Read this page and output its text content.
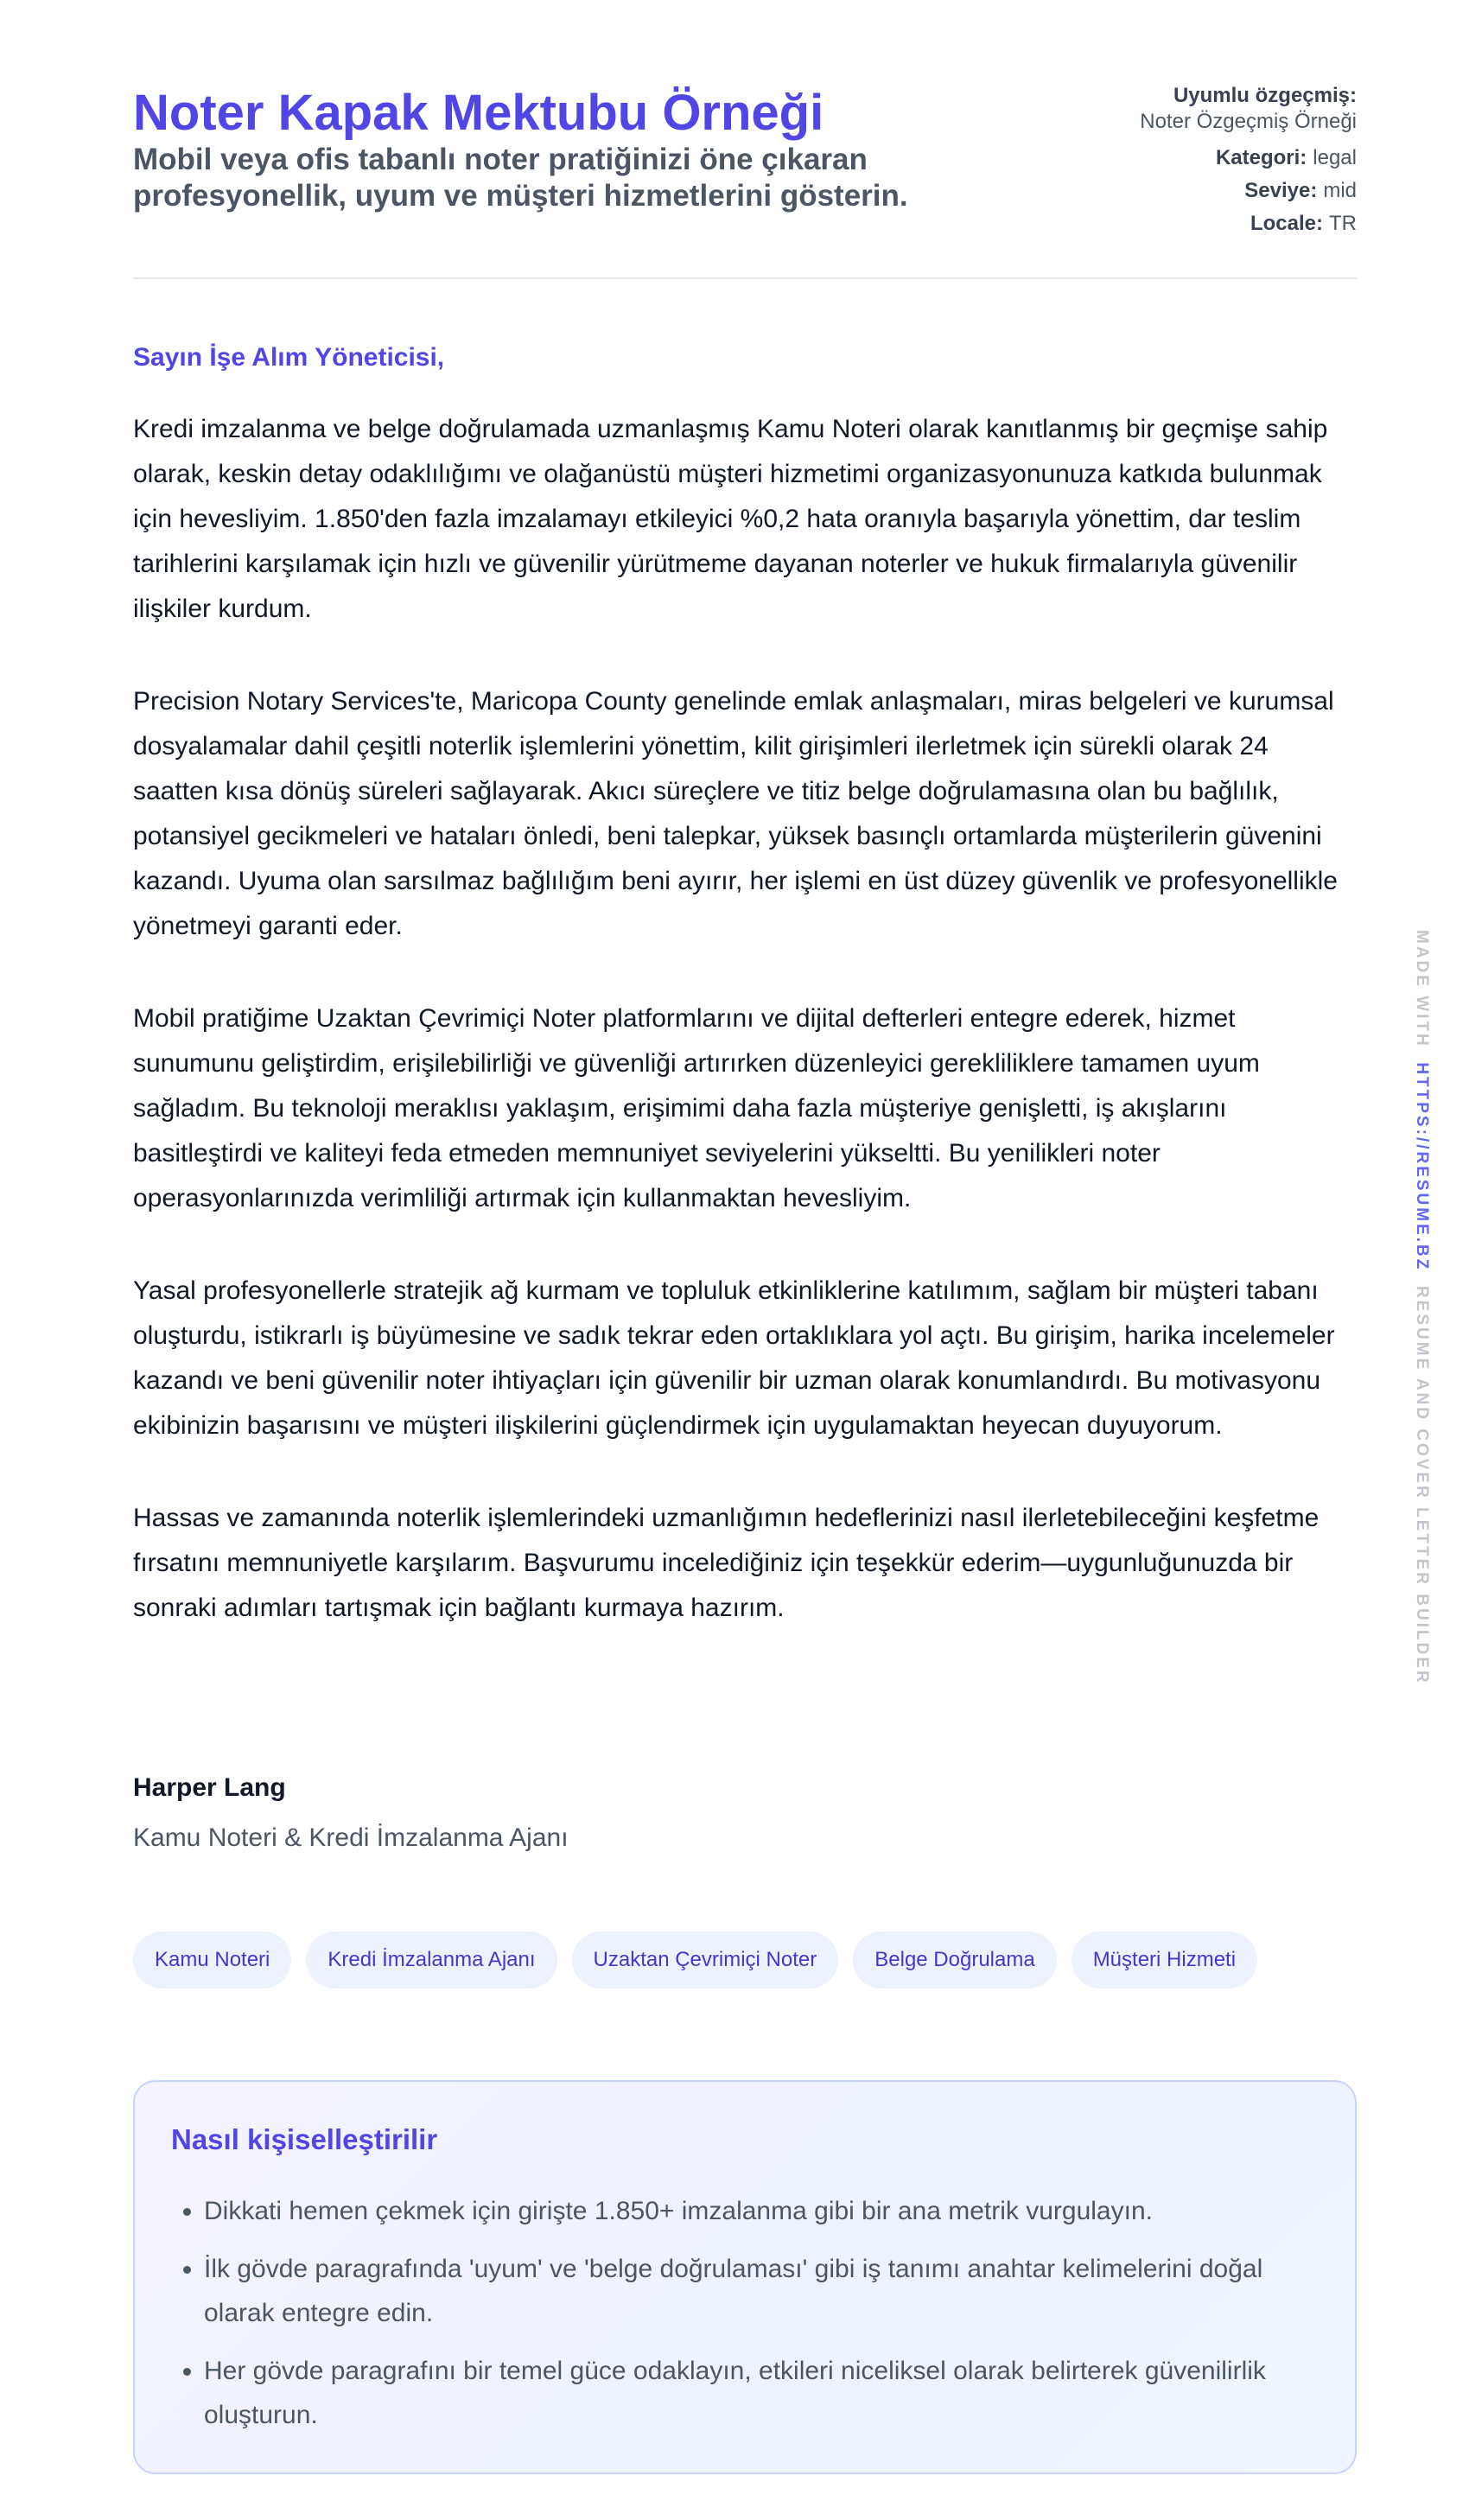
Noter Kapak Mektubu Örneği

Mobil veya ofis tabanlı noter pratiğinizi öne çıkaran profesyonellik, uyum ve müşteri hizmetlerini gösterin.

Uyumlu özgeçmiş:
Noter Özgeçmiş Örneği
Kategori: legal
Seviye: mid
Locale: TR
Sayın İşe Alım Yöneticisi,

Kredi imzalanma ve belge doğrulamada uzmanlaşmış Kamu Noteri olarak kanıtlanmış bir geçmişe sahip olarak, keskin detay odaklılığımı ve olağanüstü müşteri hizmetimi organizasyonunuza katkıda bulunmak için hevesliyim. 1.850'den fazla imzalamayı etkileyici %0,2 hata oranıyla başarıyla yönettim, dar teslim tarihlerini karşılamak için hızlı ve güvenilir yürütmeme dayanan noterler ve hukuk firmalarıyla güvenilir ilişkiler kurdum.

Precision Notary Services'te, Maricopa County genelinde emlak anlaşmaları, miras belgeleri ve kurumsal dosyalamalar dahil çeşitli noterlik işlemlerini yönettim, kilit girişimleri ilerletmek için sürekli olarak 24 saatten kısa dönüş süreleri sağlayarak. Akıcı süreçlere ve titiz belge doğrulamasına olan bu bağlılık, potansiyel gecikmeleri ve hataları önledi, beni talepkar, yüksek basınçlı ortamlarda müşterilerin güvenini kazandı. Uyuma olan sarsılmaz bağlılığım beni ayırır, her işlemi en üst düzey güvenlik ve profesyonellikle yönetmeyi garanti eder.

Mobil pratiğime Uzaktan Çevrimiçi Noter platformlarını ve dijital defterleri entegre ederek, hizmet sunumunu geliştirdim, erişilebilirliği ve güvenliği artırırken düzenleyici gerekliliklere tamamen uyum sağladım. Bu teknoloji meraklısı yaklaşım, erişimimi daha fazla müşteriye genişletti, iş akışlarını basitleştirdi ve kaliteyi feda etmeden memnuniyet seviyelerini yükseltti. Bu yenilikleri noter operasyonlarınızda verimliliği artırmak için kullanmaktan hevesliyim.

Yasal profesyonellerle stratejik ağ kurmam ve topluluk etkinliklerine katılımım, sağlam bir müşteri tabanı oluşturdu, istikrarlı iş büyümesine ve sadık tekrar eden ortaklıklara yol açtı. Bu girişim, harika incelemeler kazandı ve beni güvenilir noter ihtiyaçları için güvenilir bir uzman olarak konumlandırdı. Bu motivasyonu ekibinizin başarısını ve müşteri ilişkilerini güçlendirmek için uygulamaktan heyecan duyuyorum.

Hassas ve zamanında noterlik işlemlerindeki uzmanlığımın hedeflerinizi nasıl ilerletebileceğini keşfetme fırsatını memnuniyetle karşılarım. Başvurumu incelediğiniz için teşekkür ederim—uygunluğunuzda bir sonraki adımları tartışmak için bağlantı kurmaya hazırım.

Harper Lang
Kamu Noteri & Kredi İmzalanma Ajanı
Kamu Noteri	Kredi İmzalanma Ajanı	Uzaktan Çevrimiçi Noter	Belge Doğrulama	Müşteri Hizmeti
Nasıl kişiselleştirilir
• Dikkati hemen çekmek için girişte 1.850+ imzalanma gibi bir ana metrik vurgulayın.
• İlk gövde paragrafında 'uyum' ve 'belge doğrulaması' gibi iş tanımı anahtar kelimelerini doğal olarak entegre edin.
• Her gövde paragrafını bir temel güce odaklayın, etkileri niceliksel olarak belirterek güvenilirlik oluşturun.
MADE WITH  HTTPS://RESUME.BZ  RESUME AND COVER LETTER BUILDER
